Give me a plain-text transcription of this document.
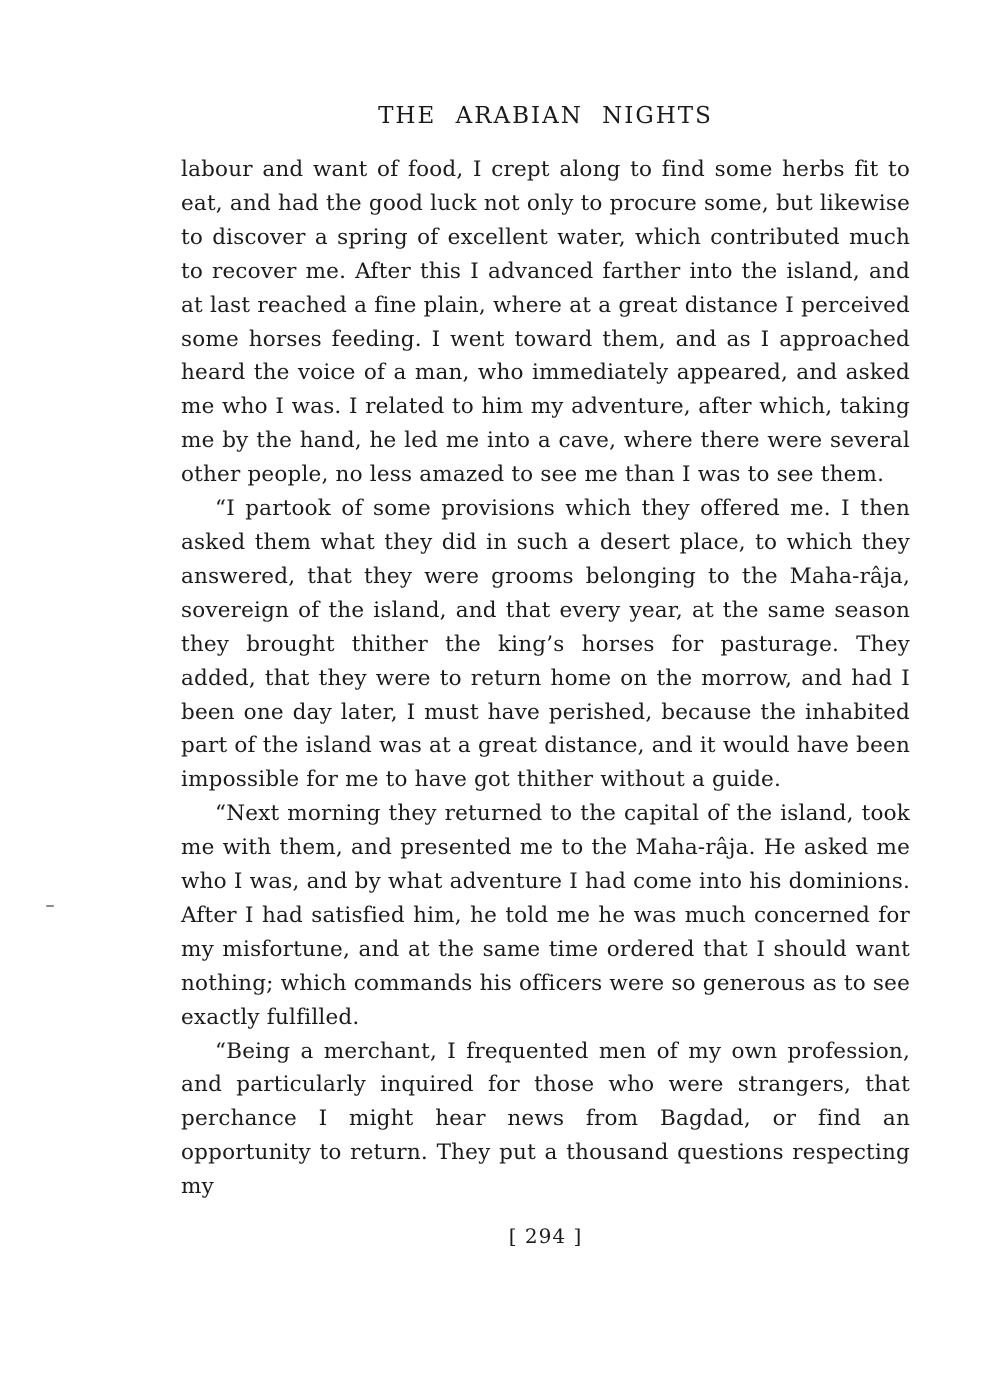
THE ARABIAN NIGHTS

labour and want of food, I crept along to find some herbs fit to eat, and had the good luck not only to procure some, but likewise to discover a spring of excellent water, which contributed much to recover me. After this I advanced farther into the island, and at last reached a fine plain, where at a great distance I perceived some horses feeding. I went toward them, and as I approached heard the voice of a man, who immediately appeared, and asked me who I was. I related to him my adventure, after which, taking me by the hand, he led me into a cave, where there were several other people, no less amazed to see me than I was to see them.

“I partook of some provisions which they offered me. I then asked them what they did in such a desert place, to which they answered, that they were grooms belonging to the Maha-râja, sovereign of the island, and that every year, at the same season they brought thither the king’s horses for pasturage. They added, that they were to return home on the morrow, and had I been one day later, I must have perished, because the inhabited part of the island was at a great distance, and it would have been impossible for me to have got thither without a guide.

“Next morning they returned to the capital of the island, took me with them, and presented me to the Maha-râja. He asked me who I was, and by what adventure I had come into his dominions. After I had satisfied him, he told me he was much concerned for my misfortune, and at the same time ordered that I should want nothing; which commands his officers were so generous as to see exactly fulfilled.

“Being a merchant, I frequented men of my own profession, and particularly inquired for those who were strangers, that perchance I might hear news from Bagdad, or find an opportunity to return. They put a thousand questions respecting my

[ 294 ]
